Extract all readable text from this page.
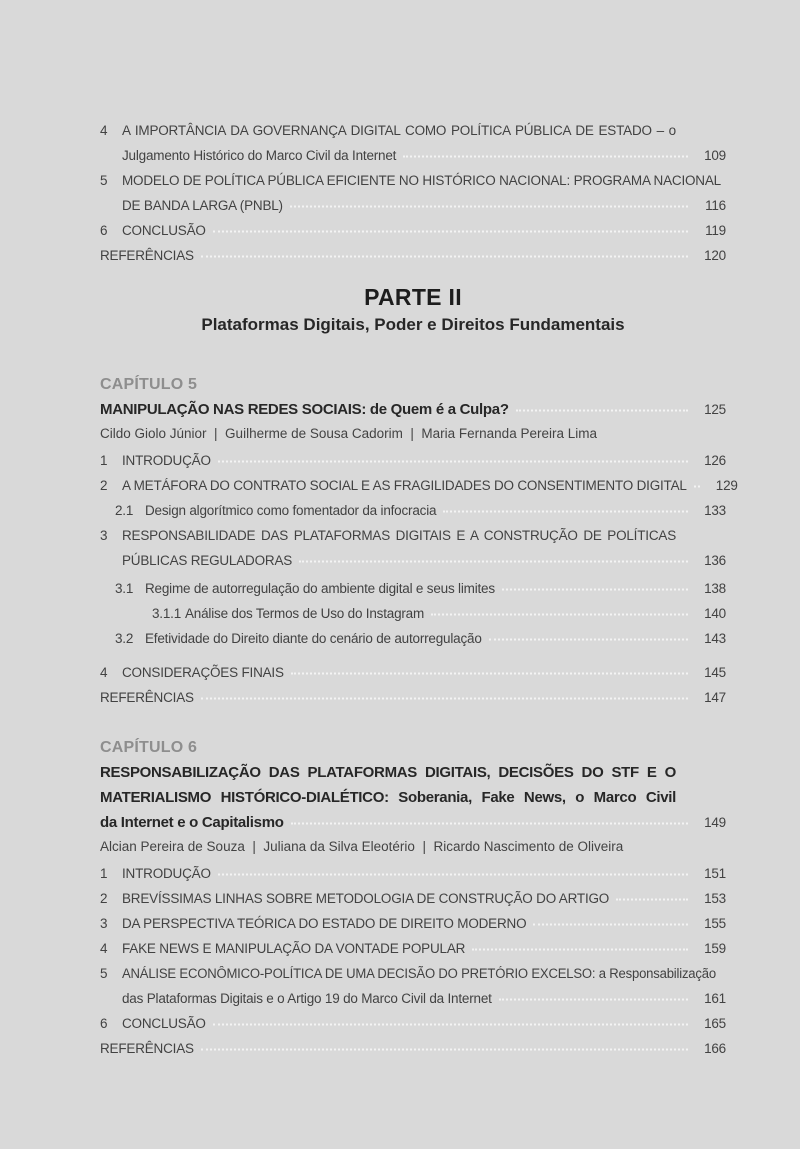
4	A IMPORTÂNCIA DA GOVERNANÇA DIGITAL COMO POLÍTICA PÚBLICA DE ESTADO – o
Julgamento Histórico do Marco Civil da Internet	109
5	MODELO DE POLÍTICA PÚBLICA EFICIENTE NO HISTÓRICO NACIONAL: PROGRAMA NACIONAL
DE BANDA LARGA (PNBL)	116
6	CONCLUSÃO	119
REFERÊNCIAS	120
PARTE II
Plataformas Digitais, Poder e Direitos Fundamentais
CAPÍTULO 5
MANIPULAÇÃO NAS REDES SOCIAIS: de Quem é a Culpa?	125
Cildo Giolo Júnior  |  Guilherme de Sousa Cadorim  |  Maria Fernanda Pereira Lima
1	INTRODUÇÃO	126
2	A METÁFORA DO CONTRATO SOCIAL E AS FRAGILIDADES DO CONSENTIMENTO DIGITAL	129
2.1 Design algorítmico como fomentador da infocracia	133
3	RESPONSABILIDADE DAS PLATAFORMAS DIGITAIS E A CONSTRUÇÃO DE POLÍTICAS
PÚBLICAS REGULADORAS	136
3.1 Regime de autorregulação do ambiente digital e seus limites	138
3.1.1 Análise dos Termos de Uso do Instagram	140
3.2 Efetividade do Direito diante do cenário de autorregulação	143
4	CONSIDERAÇÕES FINAIS	145
REFERÊNCIAS	147
CAPÍTULO 6
RESPONSABILIZAÇÃO DAS PLATAFORMAS DIGITAIS, DECISÕES DO STF E O
MATERIALISMO HISTÓRICO-DIALÉTICO: Soberania, Fake News, o Marco Civil
da Internet e o Capitalismo	149
Alcian Pereira de Souza  |  Juliana da Silva Eleotério  |  Ricardo Nascimento de Oliveira
1	INTRODUÇÃO	151
2	BREVÍSSIMAS LINHAS SOBRE METODOLOGIA DE CONSTRUÇÃO DO ARTIGO	153
3	DA PERSPECTIVA TEÓRICA DO ESTADO DE DIREITO MODERNO	155
4	FAKE NEWS E MANIPULAÇÃO DA VONTADE POPULAR	159
5	ANÁLISE ECONÔMICO-POLÍTICA DE UMA DECISÃO DO PRETÓRIO EXCELSO: a Responsabilização
das Plataformas Digitais e o Artigo 19 do Marco Civil da Internet	161
6	CONCLUSÃO	165
REFERÊNCIAS	166
